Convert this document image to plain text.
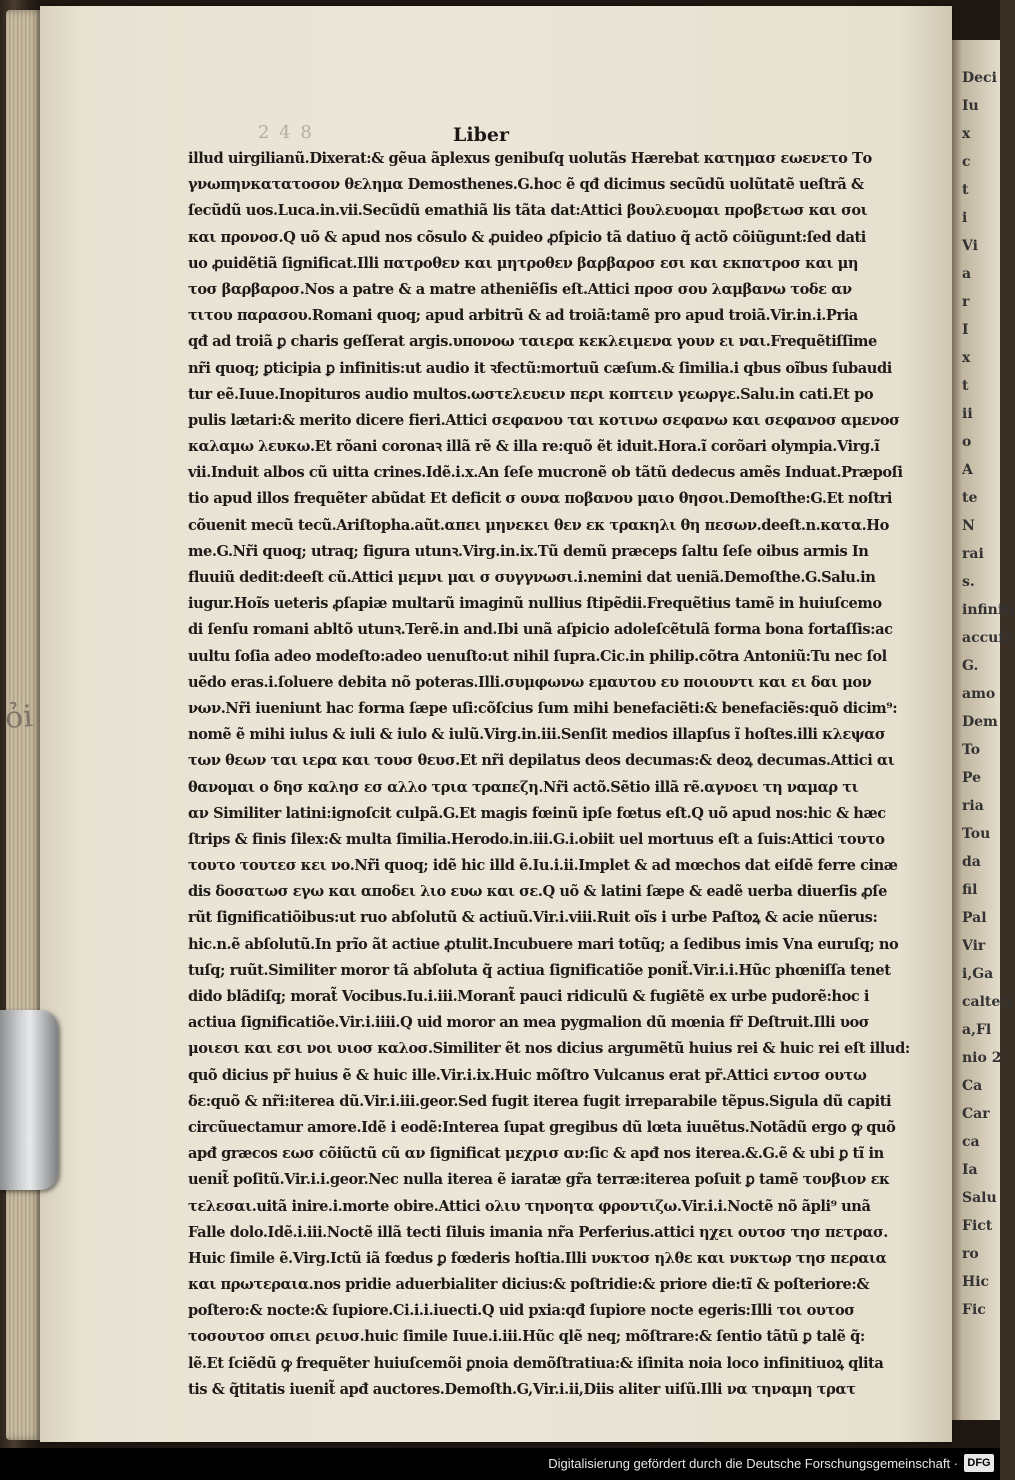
2 4 8	Liber
illud uirgilianũ.Dixerat:& gẽua ãplexus genibuſq uolutãs Hærebat κατημασ εωενετο Το
γνωπηνκατατοσον θελημα Demosthenes.G.hoc ẽ qđ dicimus secũdũ uolũtatẽ ueſtrã &
ſecũdũ uos.Luca.in.vii.Secũdũ emathiã lis tãta dat:Attici βουλευομαι προβετωσ και σοι
και προνοσ.Q uõ & apud nos cõsulo & ꝓuideo ꝓſpicio tã datiuo q̃ actõ cõiũgunt:ſed dati
uo ꝓuidẽtiã ſignificat.Illi πατροθεν και μητροθεν βαρβαροσ εσι και εκπατροσ και μη
τοσ βαρβαροσ.Nos a patre & a matre atheniẽſis eſt.Attici προσ σου λαμβανω τοδε αν
τιτου παρασου.Romani quoq; apud arbitrũ & ad troiã:tamẽ pro apud troiã.Vir.in.i.Pria
qđ ad troiã ꝑ charis geſſerat argis.υπονοω ταιερα κεκλειμενα γουν ει ναι.Frequẽtiſſime
nr̃i quoq; ꝑticipia ꝑ infinitis:ut audio it ꝛfectũ:mortuũ cæſum.& ſimilia.i qbus oĩbus ſubaudi
tur eẽ.Iuue.Inopituros audio multos.ωστελευειν περι κοπτειν γεωργε.Salu.in cati.Et po
pulis lætari:& merito dicere fieri.Attici σεφανου ται κοτινω σεφανω και σεφανοσ αμενοσ
καλαμω λευκω.Et rõani coronaꝛ illã rẽ & illa re:quõ ẽt iduit.Hora.ĩ corõari olympia.Virg.ĩ
vii.Induit albos cũ uitta crines.Idẽ.i.x.An ſeſe mucronẽ ob tãtũ dedecus amẽs Induat.Præpoſi
tio apud illos frequẽter abũdat Et deficit σ ουνα ποβανου μαιο θησοι.Demoſthe:G.Et noſtri
cõuenit mecũ tecũ.Ariſtopha.aũt.απει μηνεκει θεν εκ τρακηλι θη πεσων.deeſt.n.κατα.Ho
me.G.Nr̃i quoq; utraq; figura utunꝛ.Virg.in.ix.Tũ demũ præceps ſaltu ſeſe oibus armis In
fluuiũ dedit:deeſt cũ.Attici μεμνι μαι σ συγγνωσι.i.nemini dat ueniã.Demoſthe.G.Salu.in
iugur.Hoĩs ueteris ꝓſapiæ multarũ imaginũ nullius ſtipẽdii.Frequẽtius tamẽ in huiuſcemo
di ſenſu romani abltõ utunꝛ.Terẽ.in and.Ibi unã aſpicio adoleſcẽtulã forma bona fortaſſis:ac
uultu ſoſia adeo modeſto:adeo uenuſto:ut nihil ſupra.Cic.in philip.cõtra Antoniũ:Tu nec ſol
uẽdo eras.i.ſoluere debita nõ poteras.Illi.συμφωνω εμαυτου ευ ποιουντι και ει δαι μον
νων.Nr̃i iueniunt hac forma ſæpe uſi:cõſcius ſum mihi benefaciẽti:& benefaciẽs:quõ dicim⁹:
nomẽ ẽ mihi iulus & iuli & iulo & iulũ.Virg.in.iii.Senſit medios illapſus ĩ hoſtes.illi κλεψασ
των θεων ται ιερα και τουσ θευσ.Et nr̃i depilatus deos decumas:& deoꝝ decumas.Attici αι
θανομαι ο δησ καλησ εσ αλλο τρια τραπεζη.Nr̃i actõ.Sẽtio illã rẽ.αγνοει τη ναμαρ τι
αν Similiter latini:ignoſcit culpã.G.Et magis fœinũ ipſe fœtus eſt.Q uõ apud nos:hic & hæc
ſtrips & finis ſilex:& multa ſimilia.Herodo.in.iii.G.i.obiit uel mortuus eſt a ſuis:Attici τουτο
τουτο τουτεσ κει νο.Nr̃i quoq; idẽ hic illd ẽ.Iu.i.ii.Implet & ad mœchos dat eiſdẽ ferre cinæ
dis δοσατωσ εγω και αποδει λιο ευω και σε.Q uõ & latini ſæpe & eadẽ uerba diuerſis ꝓſe
rũt ſignificatiõibus:ut ruo abſolutũ & actiuũ.Vir.i.viii.Ruit oĩs i urbe Paſtoꝝ & acie nũerus:
hic.n.ẽ abſolutũ.In prĩo ãt actiue ꝓtulit.Incubuere mari totũq; a ſedibus imis Vna euruſq; no
tuſq; ruũt.Similiter moror tã abſoluta q̃ actiua ſignificatiõe ponit̃.Vir.i.i.Hũc phœniſſa tenet
dido blãdiſq; morat̃ Vocibus.Iu.i.iii.Morant̃ pauci ridiculũ & fugiẽtẽ ex urbe pudorẽ:hoc i
actiua ſignificatiõe.Vir.i.iiii.Q uid moror an mea pygmalion dũ mœnia fr̃ Deſtruit.Illi υοσ
μοιεσι και εσι νοι υιοσ καλοσ.Similiter ẽt nos dicius argumẽtũ huius rei & huic rei eſt illud:
quõ dicius pr̃ huius ẽ & huic ille.Vir.i.ix.Huic mõſtro Vulcanus erat pr̃.Attici εντοσ ουτω
δε:quõ & nr̃i:iterea dũ.Vir.i.iii.geor.Sed fugit iterea fugit irreparabile tẽpus.Sigula dũ capiti
circũuectamur amore.Idẽ i eodẽ:Interea ſupat gregibus dũ lœta iuuẽtus.Notãdũ ergo ꝙ quõ
apđ græcos εωσ cõiũctũ cũ αν ſignificat μεχρισ αν:ſic & apđ nos iterea.&.G.ẽ & ubi ꝑ tĩ in
uenit̃ poſitũ.Vir.i.i.geor.Nec nulla iterea ẽ iaratæ gr̃a terræ:iterea poſuit ꝑ tamẽ τονβιον εκ
τελεσαι.uitã inire.i.morte obire.Attici ολιυ τηνοητα φροντιζω.Vir.i.i.Noctẽ nõ ãpli⁹ unã
Falle dolo.Idẽ.i.iii.Noctẽ illã tecti ſiluis imania nr̃a Perferius.attici ηχει ουτοσ τησ πετρασ.
Huic ſimile ẽ.Virg.Ictũ iã fœdus ꝑ fœderis hoſtia.Illi νυκτοσ ηλθε και νυκτωρ τησ περαια
και πρωτεραια.nos pridie aduerbialiter dicius:& poſtridie:& priore die:tĩ & poſteriore:&
poſtero:& nocte:& ſupiore.Ci.i.i.iuecti.Q uid pxia:qđ ſupiore nocte egeris:Illi τοι ουτοσ
τοσουτοσ οπιει ρειυσ.huic ſimile Iuue.i.iii.Hũc qlẽ neq; mõſtrare:& ſentio tãtũ ꝑ talẽ q̃:
lẽ.Et ſciẽdũ ꝙ frequẽter huiuſcemõi ꝑnoia demõſtratiua:& iſinita noia loco infinitiuoꝝ qlita
tis & q̃titatis iuenit̃ apđ auctores.Demoſth.G,Vir.i.ii,Diis aliter uiſũ.Illi να τηναμη τρατ
ỏi
Deci
Iu
x
c
t
i
Vi
a
r
I
x
t
ii
o
A
te
N
rai
s.
infiniti
accuſa
G.
amo
Dem
To
Pe
ria
Tou
da
fil
Pal
Vir
i,Ga
calteri
a,Fl
nio 2
Ca
Car
ca
Ia
Salu
Fict
ro
Hic
Fic
Digitalisierung gefördert durch die Deutsche Forschungsgemeinschaft · DFG
